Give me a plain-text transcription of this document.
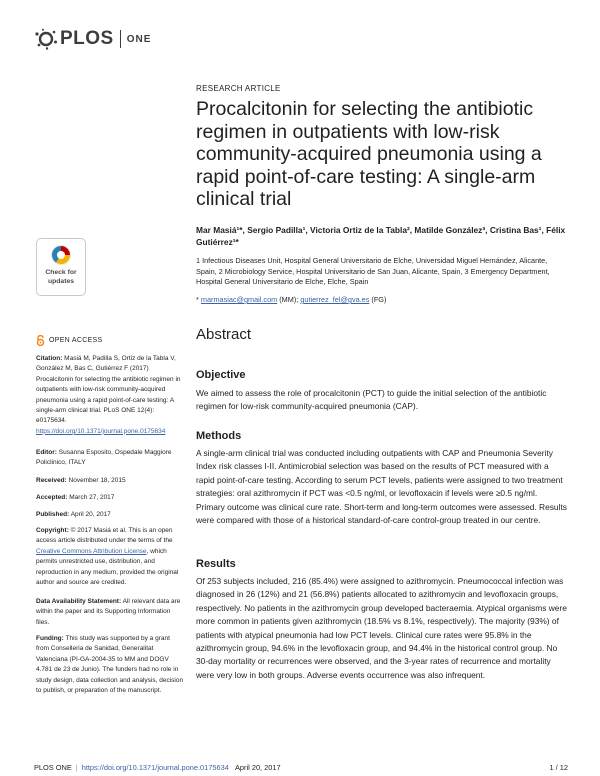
PLOS ONE
RESEARCH ARTICLE
Procalcitonin for selecting the antibiotic regimen in outpatients with low-risk community-acquired pneumonia using a rapid point-of-care testing: A single-arm clinical trial

Mar Masiá¹*, Sergio Padilla¹, Victoria Ortiz de la Tabla², Matilde González³, Cristina Bas¹, Félix Gutiérrez¹*

1 Infectious Diseases Unit, Hospital General Universitario de Elche, Universidad Miguel Hernández, Alicante, Spain, 2 Microbiology Service, Hospital Universitario de San Juan, Alicante, Spain, 3 Emergency Department, Hospital General Universitario de Elche, Elche, Spain

* marmasiac@gmail.com (MM); gutierrez_fel@gva.es (FG)

Check for
updates
OPEN ACCESS

Citation: Masiá M, Padilla S, Ortiz de la Tabla V, González M, Bas C, Gutiérrez F (2017) Procalcitonin for selecting the antibiotic regimen in outpatients with low-risk community-acquired pneumonia using a rapid point-of-care testing: A single-arm clinical trial. PLoS ONE 12(4): e0175634. https://doi.org/10.1371/journal.pone.0175634

Editor: Susanna Esposito, Ospedale Maggiore Policlinico, ITALY

Received: November 18, 2015

Accepted: March 27, 2017

Published: April 20, 2017

Copyright: © 2017 Masiá et al. This is an open access article distributed under the terms of the Creative Commons Attribution License, which permits unrestricted use, distribution, and reproduction in any medium, provided the original author and source are credited.

Data Availability Statement: All relevant data are within the paper and its Supporting Information files.

Funding: This study was supported by a grant from Conselleria de Sanidad, Generalitat Valenciana (PI-GA-2004-35 to MM and DOGV 4.781 de 23 de Junio). The funders had no role in study design, data collection and analysis, decision to publish, or preparation of the manuscript.

Abstract
Objective

We aimed to assess the role of procalcitonin (PCT) to guide the initial selection of the antibiotic regimen for low-risk community-acquired pneumonia (CAP).

Methods

A single-arm clinical trial was conducted including outpatients with CAP and Pneumonia Severity Index risk classes I-II. Antimicrobial selection was based on the results of PCT measured with a rapid point-of-care testing. According to serum PCT levels, patients were assigned to two treatment strategies: oral azithromycin if PCT was <0.5 ng/ml, or levofloxacin if levels were ≥0.5 ng/ml. Primary outcome was clinical cure rate. Short-term and long-term outcomes were assessed. Results were compared with those of a historical standard-of-care control-group treated in our centre.

Results

Of 253 subjects included, 216 (85.4%) were assigned to azithromycin. Pneumococcal infection was diagnosed in 26 (12%) and 21 (56.8%) patients allocated to azithromycin and levofloxacin groups, respectively. No patients in the azithromycin group developed bacteraemia. Atypical organisms were more common in patients given azithromycin (18.5% vs 8.1%, respectively). The majority (93%) of patients with atypical pneumonia had low PCT levels. Clinical cure rates were 95.8% in the azithromycin group, 94.6% in the levofloxacin group, and 94.4% in the historical control group. No 30-day mortality or recurrences were observed, and the 3-year rates of recurrence and mortality were very low in both groups. Adverse events occurrence was also infrequent.

PLOS ONE | https://doi.org/10.1371/journal.pone.0175634 April 20, 2017	1 / 12
